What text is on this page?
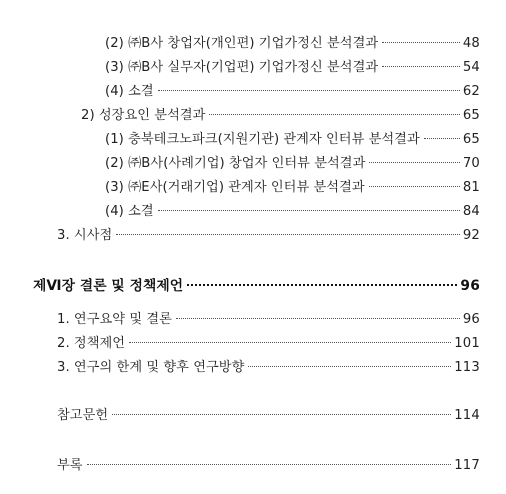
(2) ㈜B사 창업자(개인편) 기업가정신 분석결과	48
(3) ㈜B사 실무자(기업편) 기업가정신 분석결과	54
(4) 소결	62
2) 성장요인 분석결과	65
(1) 충북테크노파크(지원기관) 관계자 인터뷰 분석결과	65
(2) ㈜B사(사례기업) 창업자 인터뷰 분석결과	70
(3) ㈜E사(거래기업) 관계자 인터뷰 분석결과	81
(4) 소결	84
3. 시사점	92
제Ⅵ장 결론 및 정책제언	96
1. 연구요약 및 결론	96
2. 정책제언	101
3. 연구의 한계 및 향후 연구방향	113
참고문헌	114
부록	117
